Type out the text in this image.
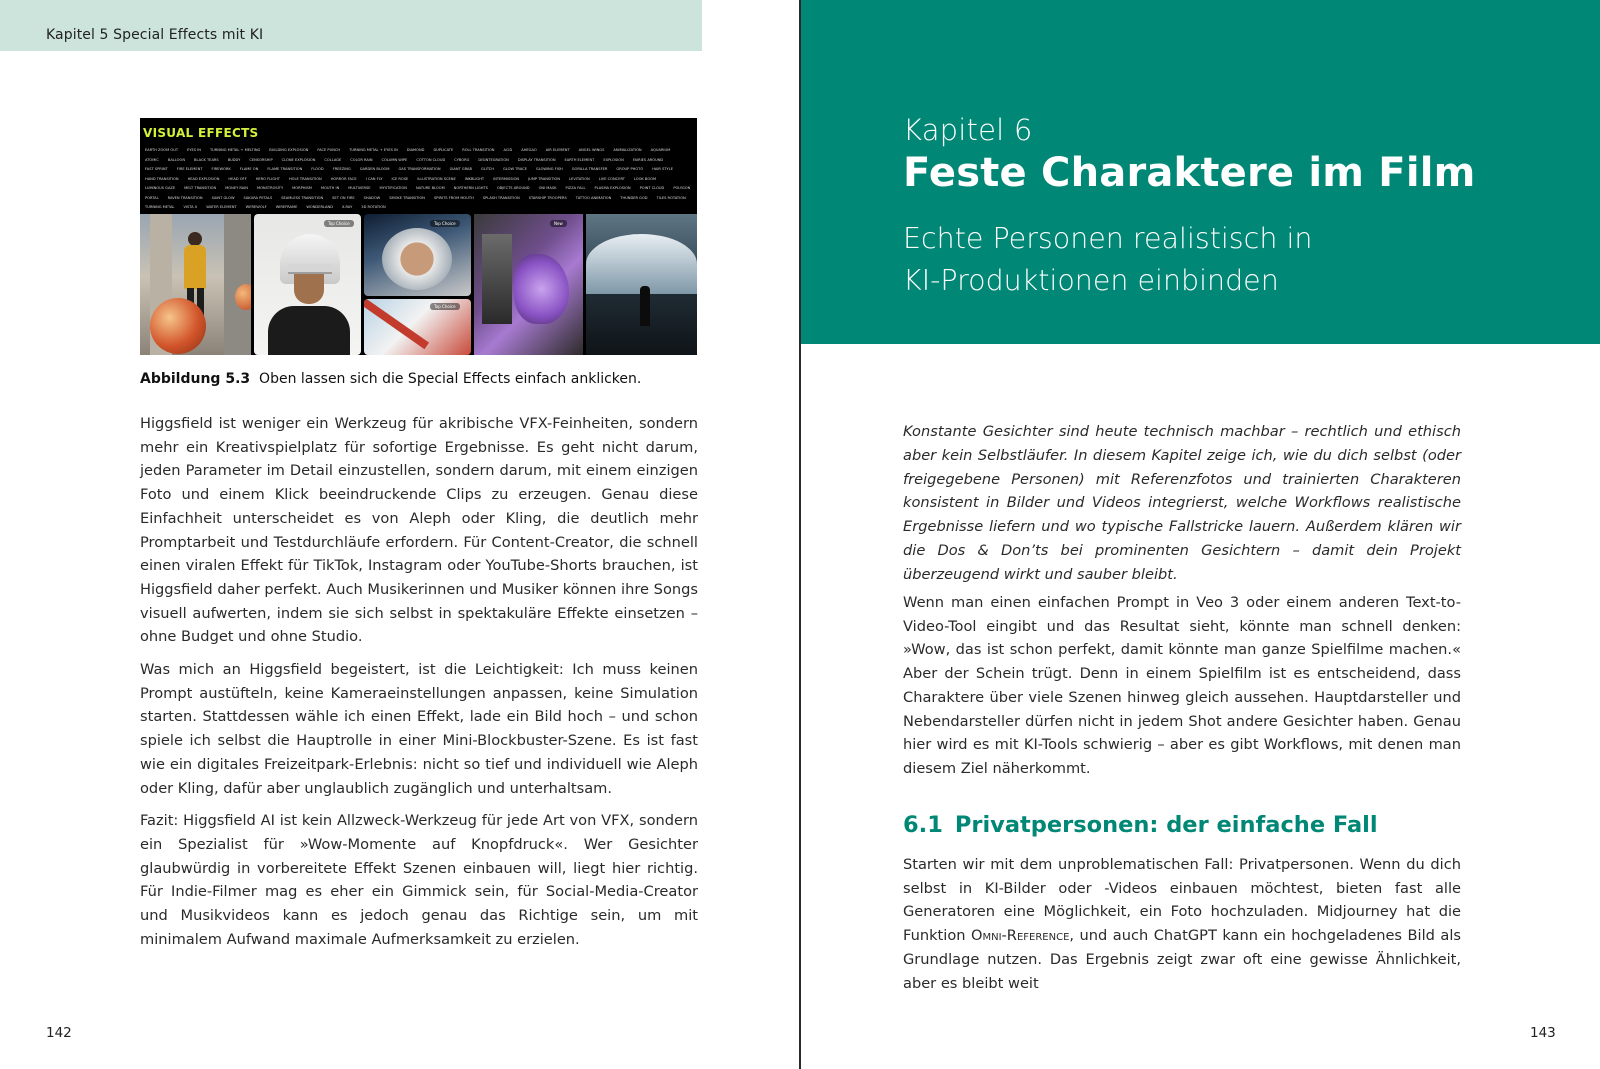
Kapitel 5 Special Effects mit KI
VISUAL EFFECTS
EARTH ZOOM OUT	EYES IN	TURNING METAL + MELTING	BUILDING EXPLOSION	FACE PUNCH	TURNING METAL + EYES IN	DIAMOND	DUPLICATE	ROLL TRANSITION	ACID	AHEGAO	AIR ELEMENT	ANGEL WINGS	ANIMALIZATION	AQUARIUM
ATOMIC	BALLOON	BLACK TEARS	BUDDY	CENSORSHIP	CLONE EXPLOSION	COLLAGE	COLOR RAIN	COLUMN WIPE	COTTON CLOUD	CYBORG	DISINTEGRATION	DISPLAY TRANSITION	EARTH ELEMENT	EXPLOSION	FAIRIES AROUND
FAST SPRINT	FIRE ELEMENT	FIREWORK	FLAME ON	FLAME TRANSITION	FLOOD	FREEZING	GARDEN BLOOM	GAS TRANSFORMATION	GIANT GRAB	GLITCH	GLOW TRACE	GLOWING FISH	GORILLA TRANSFER	GROUP PHOTO	HAIR STYLE
HAND TRANSITION	HEAD EXPLOSION	HEAD OFF	HERO FLIGHT	HOLE TRANSITION	HORROR FACE	I CAN FLY	ICE ROSE	ILLUSTRATION SCENE	INKBLIGHT	INTERMISSION	JUMP TRANSITION	LEVITATION	LIVE CONCERT	LOOK BOOM
LUMINOUS GAZE	MELT TRANSITION	MONEY RAIN	MONSTROSITY	MORPHISM	MOUTH IN	MULTIVERSE	MYSTIFICATION	NATURE BLOOM	NORTHERN LIGHTS	OBJECTS AROUND	ONI MASK	PIZZA FALL	PLASMA EXPLOSION	POINT CLOUD	POLYGON
PORTAL	RAVEN TRANSITION	SAINT GLOW	SAKURA PETALS	SEAMLESS TRANSITION	SET ON FIRE	SHADOW	SMOKE TRANSITION	SPIRITS FROM MOUTH	SPLASH TRANSITION	STARSHIP TROOPERS	TATTOO ANIMATION	THUNDER GOD	TILES ROTATION
TURNING METAL	VISTA X	WATER ELEMENT	WEREWOLF	WIREFRAME	WONDERLAND	X-RAY	3D ROTATION
Top Choice	Top Choice
Top Choice
New
Abbildung 5.3 Oben lassen sich die Special Effects einfach anklicken.

Higgsfield ist weniger ein Werkzeug für akribische VFX-Feinheiten, sondern mehr ein Kreativspielplatz für sofortige Ergebnisse. Es geht nicht darum, jeden Parameter im Detail einzustellen, sondern darum, mit einem einzigen Foto und einem Klick beeindruckende Clips zu erzeugen. Genau diese Einfachheit unterscheidet es von Aleph oder Kling, die deutlich mehr Promptarbeit und Testdurchläufe erfordern. Für Content-Creator, die schnell einen viralen Effekt für TikTok, Instagram oder YouTube-Shorts brauchen, ist Higgsfield daher perfekt. Auch Musikerinnen und Musiker können ihre Songs visuell aufwerten, indem sie sich selbst in spektakuläre Effekte einsetzen – ohne Budget und ohne Studio.

Was mich an Higgsfield begeistert, ist die Leichtigkeit: Ich muss keinen Prompt austüfteln, keine Kameraeinstellungen anpassen, keine Simulation starten. Stattdessen wähle ich einen Effekt, lade ein Bild hoch – und schon spiele ich selbst die Hauptrolle in einer Mini-Blockbuster-Szene. Es ist fast wie ein digitales Freizeitpark-Erlebnis: nicht so tief und individuell wie Aleph oder Kling, dafür aber unglaublich zugänglich und unterhaltsam.

Fazit: Higgsfield AI ist kein Allzweck-Werkzeug für jede Art von VFX, sondern ein Spezialist für »Wow-Momente auf Knopfdruck«. Wer Gesichter glaubwürdig in vorbereitete Effekt Szenen einbauen will, liegt hier richtig. Für Indie-Filmer mag es eher ein Gimmick sein, für Social-Media-Creator und Musikvideos kann es jedoch genau das Richtige sein, um mit minimalem Aufwand maximale Aufmerksamkeit zu erzielen.

142
Kapitel 6
Feste Charaktere im Film
Echte Personen realistisch in
KI-Produktionen einbinden

Konstante Gesichter sind heute technisch machbar – rechtlich und ethisch aber kein Selbstläufer. In diesem Kapitel zeige ich, wie du dich selbst (oder freigegebene Personen) mit Referenzfotos und trainierten Charakteren konsistent in Bilder und Videos integrierst, welche Workflows realistische Ergebnisse liefern und wo typische Fallstricke lauern. Außerdem klären wir die Dos & Don’ts bei prominenten Gesichtern – damit dein Projekt überzeugend wirkt und sauber bleibt.

Wenn man einen einfachen Prompt in Veo 3 oder einem anderen Text-to-Video-Tool eingibt und das Resultat sieht, könnte man schnell denken: »Wow, das ist schon perfekt, damit könnte man ganze Spielfilme machen.« Aber der Schein trügt. Denn in einem Spielfilm ist es entscheidend, dass Charaktere über viele Szenen hinweg gleich aussehen. Hauptdarsteller und Nebendarsteller dürfen nicht in jedem Shot andere Gesichter haben. Genau hier wird es mit KI-Tools schwierig – aber es gibt Workflows, mit denen man diesem Ziel näherkommt.

6.1 Privatpersonen: der einfache Fall

Starten wir mit dem unproblematischen Fall: Privatpersonen. Wenn du dich selbst in KI-Bilder oder -Videos einbauen möchtest, bieten fast alle Generatoren eine Möglichkeit, ein Foto hochzuladen. Midjourney hat die Funktion Omni-Reference, und auch ChatGPT kann ein hochgeladenes Bild als Grundlage nutzen. Das Ergebnis zeigt zwar oft eine gewisse Ähnlichkeit, aber es bleibt weit

143
